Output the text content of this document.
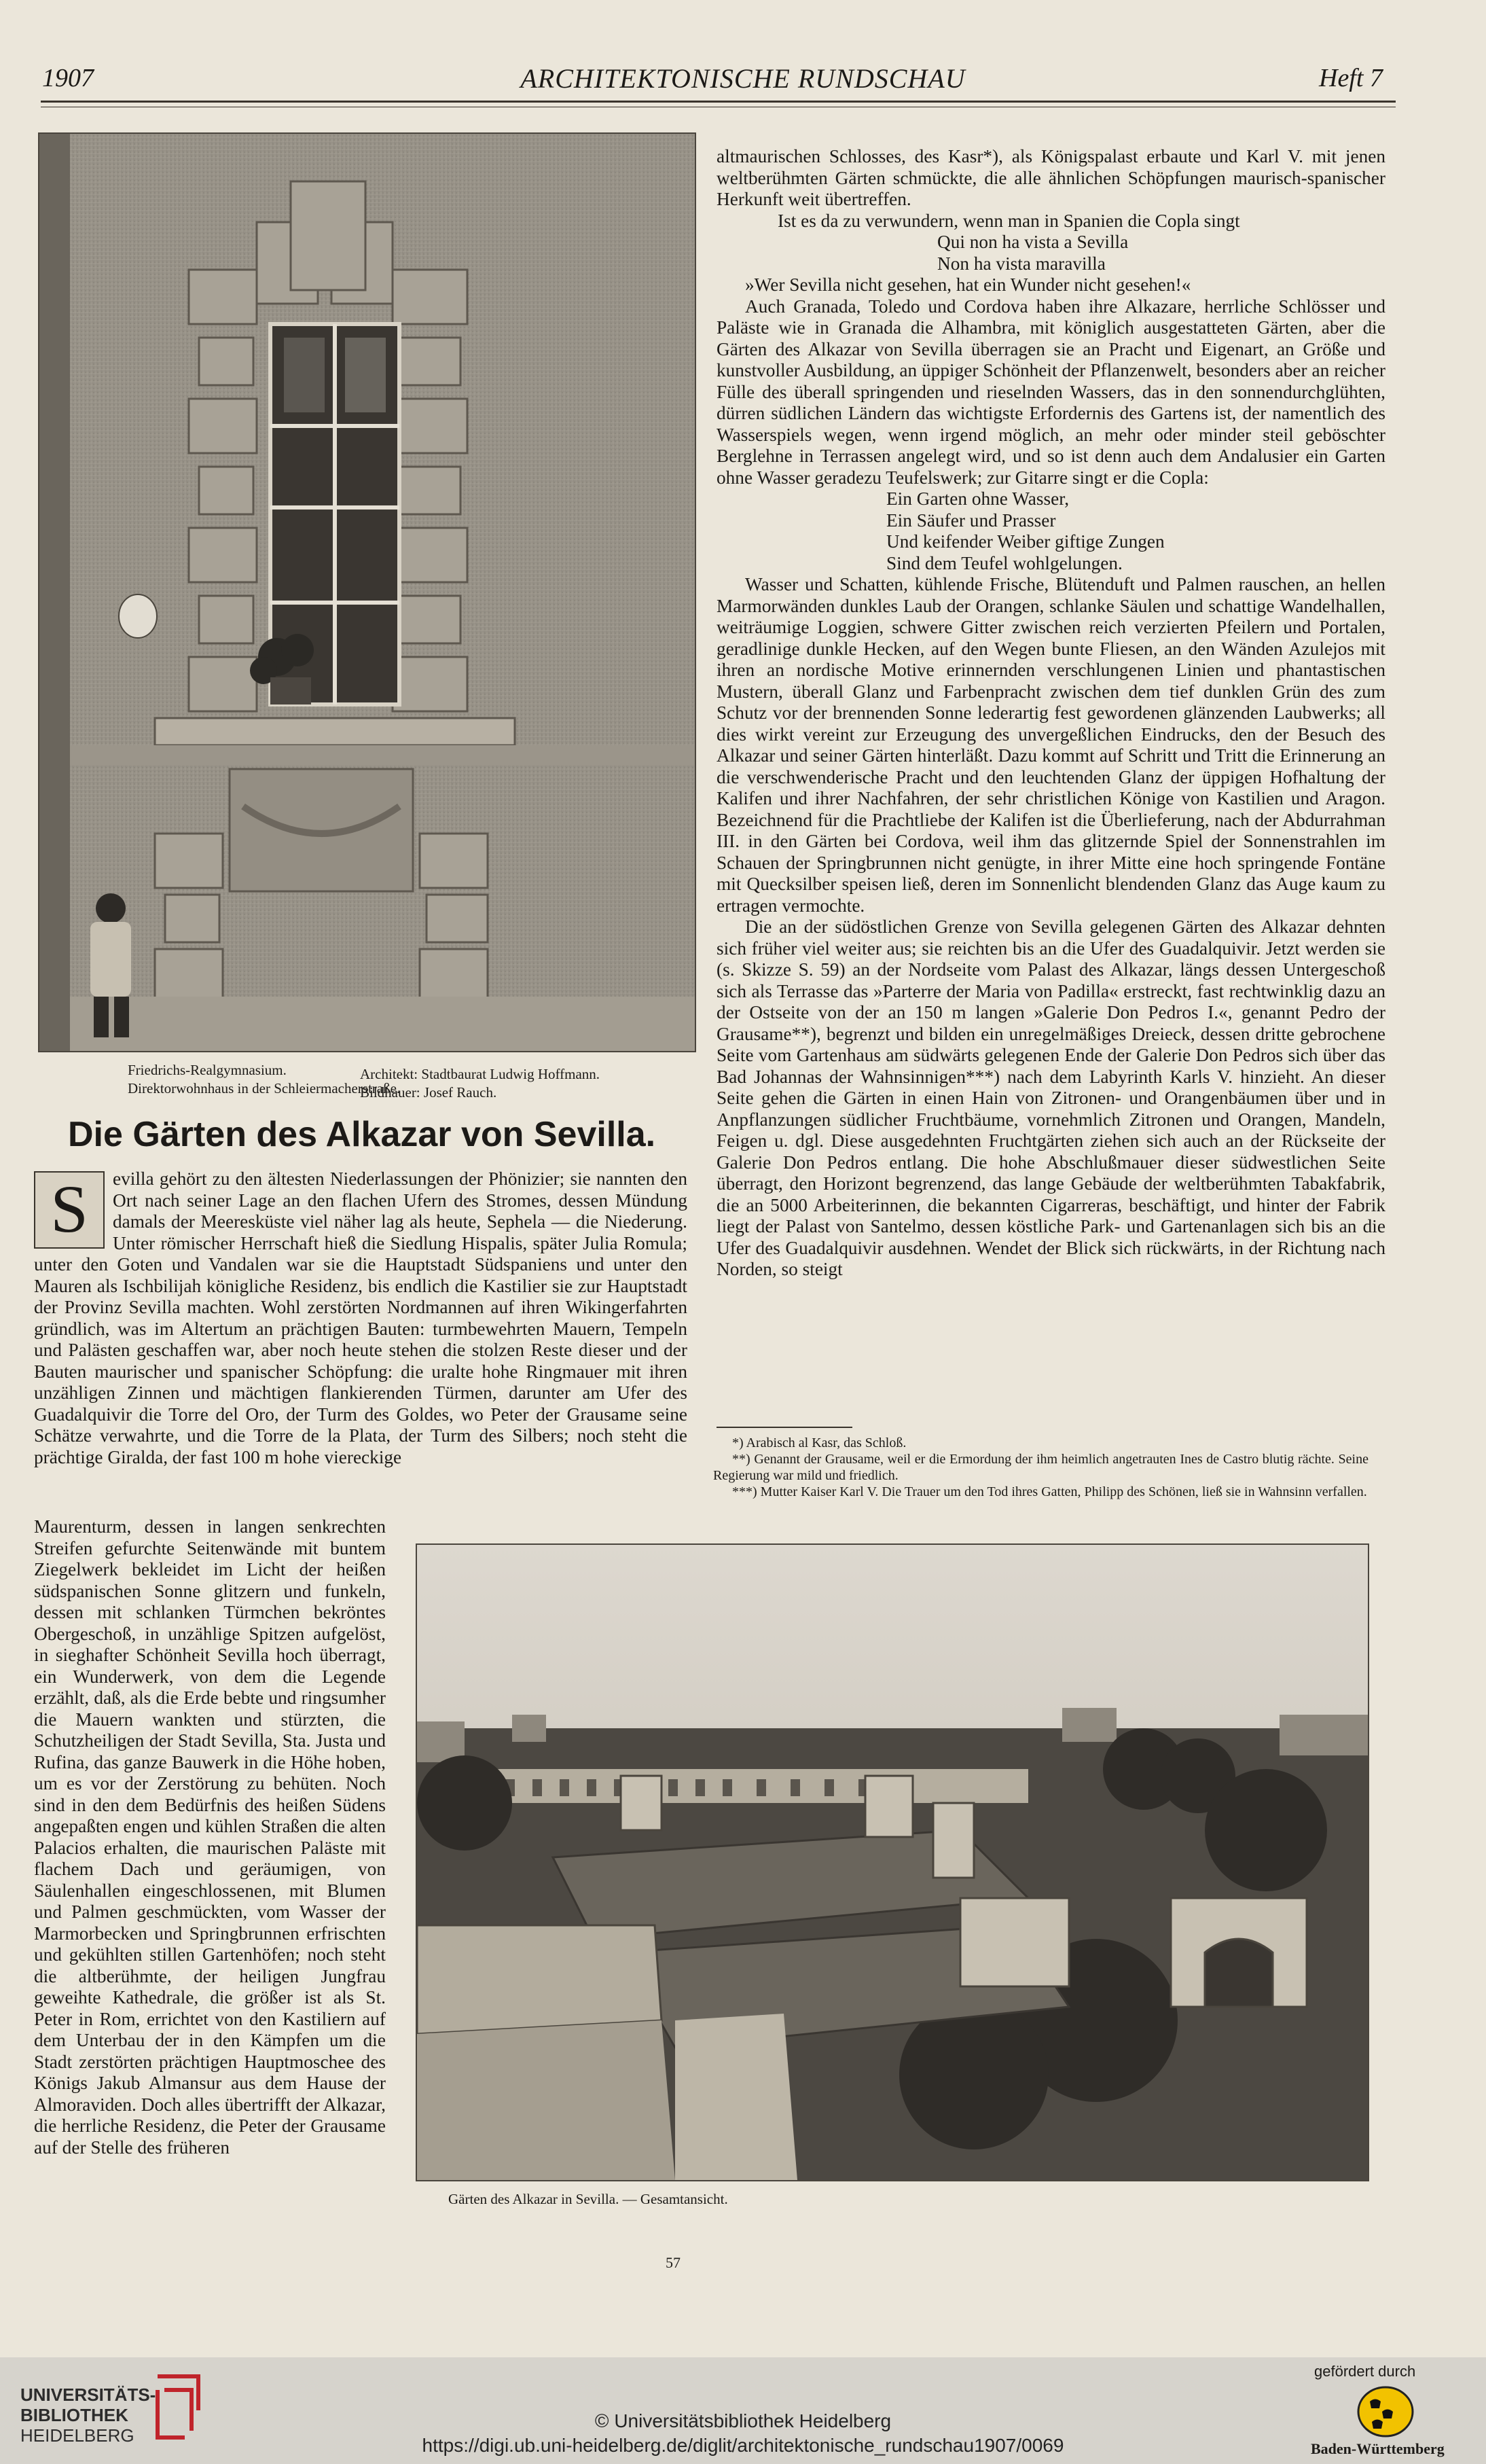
1907	ARCHITEKTONISCHE RUNDSCHAU	Heft 7
Friedrichs-Realgymnasium.
Direktorwohnhaus in der Schleiermacherstraße.
Architekt: Stadtbaurat Ludwig Hoffmann.
Bildhauer: Josef Rauch.
Die Gärten des Alkazar von Sevilla.
S	evilla gehört zu den ältesten Niederlassungen der Phönizier; sie nannten den Ort nach seiner Lage an den flachen Ufern des Stromes, dessen Mündung damals der Meeresküste viel näher lag als heute, Sephela — die Niederung. Unter römischer Herrschaft hieß die Siedlung Hispalis, später Julia Romula; unter den Goten und Vandalen war sie die Hauptstadt Südspaniens und unter den Mauren als Ischbilijah königliche Residenz, bis endlich die Kastilier sie zur Hauptstadt der Provinz Sevilla machten. Wohl zerstörten Nordmannen auf ihren Wikingerfahrten gründlich, was im Altertum an prächtigen Bauten: turmbewehrten Mauern, Tempeln und Palästen geschaffen war, aber noch heute stehen die stolzen Reste dieser und der Bauten maurischer und spanischer Schöpfung: die uralte hohe Ringmauer mit ihren unzähligen Zinnen und mächtigen flankierenden Türmen, darunter am Ufer des Guadalquivir die Torre del Oro, der Turm des Goldes, wo Peter der Grausame seine Schätze verwahrte, und die Torre de la Plata, der Turm des Silbers; noch steht die prächtige Giralda, der fast 100 m hohe viereckige

Maurenturm, dessen in langen senkrechten Streifen gefurchte Seitenwände mit buntem Ziegelwerk bekleidet im Licht der heißen südspanischen Sonne glitzern und funkeln, dessen mit schlanken Türmchen bekröntes Obergeschoß, in unzählige Spitzen aufgelöst, in sieghafter Schönheit Sevilla hoch überragt, ein Wunderwerk, von dem die Legende erzählt, daß, als die Erde bebte und ringsumher die Mauern wankten und stürzten, die Schutzheiligen der Stadt Sevilla, Sta. Justa und Rufina, das ganze Bauwerk in die Höhe hoben, um es vor der Zerstörung zu behüten. Noch sind in den dem Bedürfnis des heißen Südens angepaßten engen und kühlen Straßen die alten Palacios erhalten, die maurischen Paläste mit flachem Dach und geräumigen, von Säulenhallen eingeschlossenen, mit Blumen und Palmen geschmückten, vom Wasser der Marmorbecken und Springbrunnen erfrischten und gekühlten stillen Gartenhöfen; noch steht die altberühmte, der heiligen Jungfrau geweihte Kathedrale, die größer ist als St. Peter in Rom, errichtet von den Kastiliern auf dem Unterbau der in den Kämpfen um die Stadt zerstörten prächtigen Hauptmoschee des Königs Jakub Almansur aus dem Hause der Almoraviden. Doch alles übertrifft der Alkazar, die herrliche Residenz, die Peter der Grausame auf der Stelle des früheren

altmaurischen Schlosses, des Kasr*), als Königspalast erbaute und Karl V. mit jenen weltberühmten Gärten schmückte, die alle ähnlichen Schöpfungen maurisch-spanischer Herkunft weit übertreffen.

Ist es da zu verwundern, wenn man in Spanien die Copla singt

Qui non ha vista a Sevilla
Non ha vista maravilla

»Wer Sevilla nicht gesehen, hat ein Wunder nicht gesehen!«

Auch Granada, Toledo und Cordova haben ihre Alkazare, herrliche Schlösser und Paläste wie in Granada die Alhambra, mit königlich ausgestatteten Gärten, aber die Gärten des Alkazar von Sevilla überragen sie an Pracht und Eigenart, an Größe und kunstvoller Ausbildung, an üppiger Schönheit der Pflanzenwelt, besonders aber an reicher Fülle des überall springenden und rieselnden Wassers, das in den sonnendurchglühten, dürren südlichen Ländern das wichtigste Erfordernis des Gartens ist, der namentlich des Wasserspiels wegen, wenn irgend möglich, an mehr oder minder steil geböschter Berglehne in Terrassen angelegt wird, und so ist denn auch dem Andalusier ein Garten ohne Wasser geradezu Teufelswerk; zur Gitarre singt er die Copla:

Ein Garten ohne Wasser,
Ein Säufer und Prasser
Und keifender Weiber giftige Zungen
Sind dem Teufel wohlgelungen.

Wasser und Schatten, kühlende Frische, Blütenduft und Palmen rauschen, an hellen Marmorwänden dunkles Laub der Orangen, schlanke Säulen und schattige Wandelhallen, weiträumige Loggien, schwere Gitter zwischen reich verzierten Pfeilern und Portalen, geradlinige dunkle Hecken, auf den Wegen bunte Fliesen, an den Wänden Azulejos mit ihren an nordische Motive erinnernden verschlungenen Linien und phantastischen Mustern, überall Glanz und Farbenpracht zwischen dem tief dunklen Grün des zum Schutz vor der brennenden Sonne lederartig fest gewordenen glänzenden Laubwerks; all dies wirkt vereint zur Erzeugung des unvergeßlichen Eindrucks, den der Besuch des Alkazar und seiner Gärten hinterläßt. Dazu kommt auf Schritt und Tritt die Erinnerung an die verschwenderische Pracht und den leuchtenden Glanz der üppigen Hofhaltung der Kalifen und ihrer Nachfahren, der sehr christlichen Könige von Kastilien und Aragon. Bezeichnend für die Prachtliebe der Kalifen ist die Überlieferung, nach der Abdurrahman III. in den Gärten bei Cordova, weil ihm das glitzernde Spiel der Sonnenstrahlen im Schauen der Springbrunnen nicht genügte, in ihrer Mitte eine hoch springende Fontäne mit Quecksilber speisen ließ, deren im Sonnenlicht blendenden Glanz das Auge kaum zu ertragen vermochte.

Die an der südöstlichen Grenze von Sevilla gelegenen Gärten des Alkazar dehnten sich früher viel weiter aus; sie reichten bis an die Ufer des Guadalquivir. Jetzt werden sie (s. Skizze S. 59) an der Nordseite vom Palast des Alkazar, längs dessen Untergeschoß sich als Terrasse das »Parterre der Maria von Padilla« erstreckt, fast rechtwinklig dazu an der Ostseite von der an 150 m langen »Galerie Don Pedros I.«, genannt Pedro der Grausame**), begrenzt und bilden ein unregelmäßiges Dreieck, dessen dritte gebrochene Seite vom Gartenhaus am südwärts gelegenen Ende der Galerie Don Pedros sich über das Bad Johannas der Wahnsinnigen***) nach dem Labyrinth Karls V. hinzieht. An dieser Seite gehen die Gärten in einen Hain von Zitronen- und Orangenbäumen über und in Anpflanzungen südlicher Fruchtbäume, vornehmlich Zitronen und Orangen, Mandeln, Feigen u. dgl. Diese ausgedehnten Fruchtgärten ziehen sich auch an der Rückseite der Galerie Don Pedros entlang. Die hohe Abschlußmauer dieser südwestlichen Seite überragt, den Horizont begrenzend, das lange Gebäude der weltberühmten Tabakfabrik, die an 5000 Arbeiterinnen, die bekannten Cigarreras, beschäftigt, und hinter der Fabrik liegt der Palast von Santelmo, dessen köstliche Park- und Gartenanlagen sich bis an die Ufer des Guadalquivir ausdehnen. Wendet der Blick sich rückwärts, in der Richtung nach Norden, so steigt

*) Arabisch al Kasr, das Schloß.

**) Genannt der Grausame, weil er die Ermordung der ihm heimlich angetrauten Ines de Castro blutig rächte. Seine Regierung war mild und friedlich.

***) Mutter Kaiser Karl V. Die Trauer um den Tod ihres Gatten, Philipp des Schönen, ließ sie in Wahnsinn verfallen.

Gärten des Alkazar in Sevilla. — Gesamtansicht.
57
UNIVERSITÄTS-
BIBLIOTHEK
HEIDELBERG
© Universitätsbibliothek Heidelberg
https://digi.ub.uni-heidelberg.de/diglit/architektonische_rundschau1907/0069
gefördert durch
Baden-Württemberg
